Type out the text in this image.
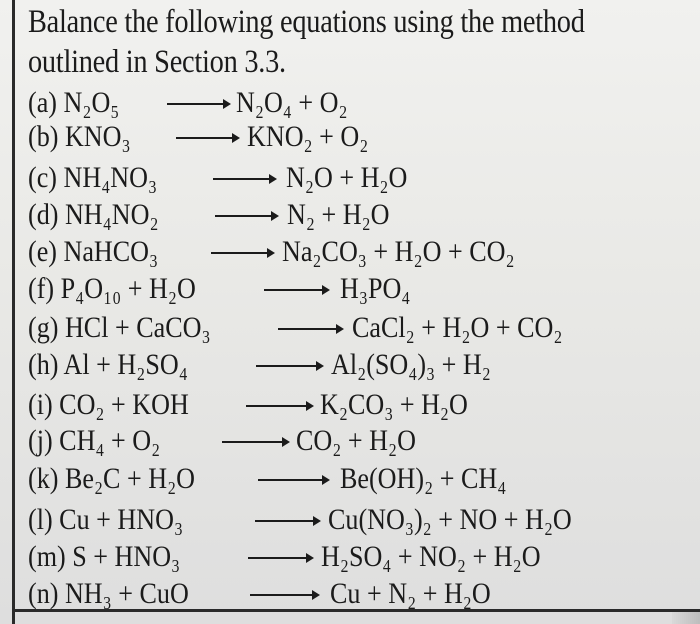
Balance the following equations using the method
outlined in Section 3.3.
(a) N₂O₅	→ N₂O₄ + O₂
(b) KNO₃	→ KNO₂ + O₂
(c) NH₄NO₃	→ N₂O + H₂O
(d) NH₄NO₂	→ N₂ + H₂O
(e) NaHCO₃	→ Na₂CO₃ + H₂O + CO₂
(f) P₄O₁₀ + H₂O	→ H₃PO₄
(g) HCl + CaCO₃	→ CaCl₂ + H₂O + CO₂
(h) Al + H₂SO₄	→ Al₂(SO₄)₃ + H₂
(i) CO₂ + KOH	→ K₂CO₃ + H₂O
(j) CH₄ + O₂	→ CO₂ + H₂O
(k) Be₂C + H₂O	Be(OH)₂ + CH₄
(l) Cu + HNO₃	→ Cu(NO₃)₂ + NO + H₂O
(m) S + HNO₃	→ H₂SO₄ + NO₂ + H₂O
(n) NH₃ + CuO	→ Cu + N₂ + H₂O
